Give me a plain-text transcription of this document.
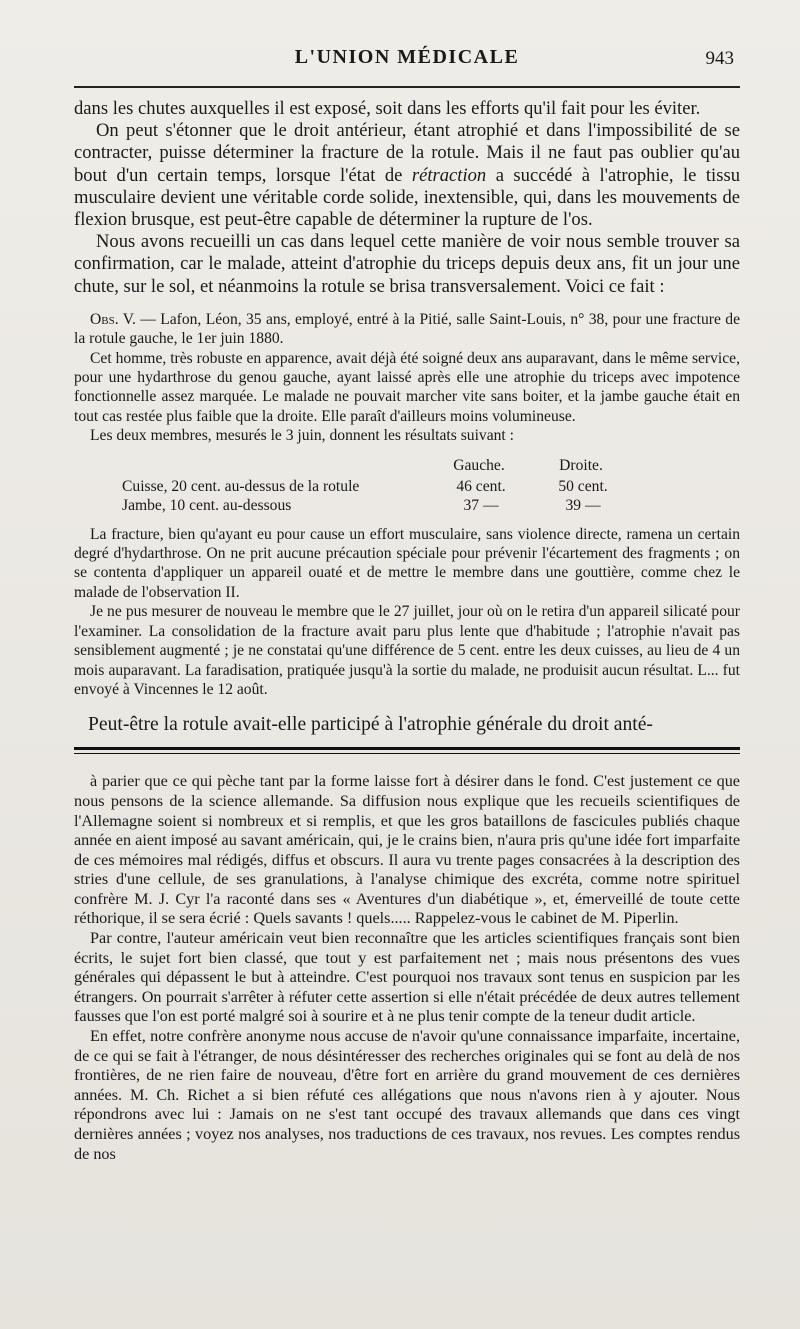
L'UNION MÉDICALE	943

dans les chutes auxquelles il est exposé, soit dans les efforts qu'il fait pour les éviter.

On peut s'étonner que le droit antérieur, étant atrophié et dans l'impossibilité de se contracter, puisse déterminer la fracture de la rotule. Mais il ne faut pas oublier qu'au bout d'un certain temps, lorsque l'état de rétraction a succédé à l'atrophie, le tissu musculaire devient une véritable corde solide, inextensible, qui, dans les mouvements de flexion brusque, est peut-être capable de déterminer la rupture de l'os.

Nous avons recueilli un cas dans lequel cette manière de voir nous semble trouver sa confirmation, car le malade, atteint d'atrophie du triceps depuis deux ans, fit un jour une chute, sur le sol, et néanmoins la rotule se brisa transversalement. Voici ce fait :

Obs. V. — Lafon, Léon, 35 ans, employé, entré à la Pitié, salle Saint-Louis, n° 38, pour une fracture de la rotule gauche, le 1er juin 1880.

Cet homme, très robuste en apparence, avait déjà été soigné deux ans auparavant, dans le même service, pour une hydarthrose du genou gauche, ayant laissé après elle une atrophie du triceps avec impotence fonctionnelle assez marquée. Le malade ne pouvait marcher vite sans boiter, et la jambe gauche était en tout cas restée plus faible que la droite. Elle paraît d'ailleurs moins volumineuse.

Les deux membres, mesurés le 3 juin, donnent les résultats suivant :

	Gauche.	Droite.
Cuisse, 20 cent. au-dessus de la rotule	46 cent.	50 cent.
Jambe, 10 cent. au-dessous	37 —	39 —

La fracture, bien qu'ayant eu pour cause un effort musculaire, sans violence directe, ramena un certain degré d'hydarthrose. On ne prit aucune précaution spéciale pour prévenir l'écartement des fragments ; on se contenta d'appliquer un appareil ouaté et de mettre le membre dans une gouttière, comme chez le malade de l'observation II.

Je ne pus mesurer de nouveau le membre que le 27 juillet, jour où on le retira d'un appareil silicaté pour l'examiner. La consolidation de la fracture avait paru plus lente que d'habitude ; l'atrophie n'avait pas sensiblement augmenté ; je ne constatai qu'une différence de 5 cent. entre les deux cuisses, au lieu de 4 un mois auparavant. La faradisation, pratiquée jusqu'à la sortie du malade, ne produisit aucun résultat. L... fut envoyé à Vincennes le 12 août.

Peut-être la rotule avait-elle participé à l'atrophie générale du droit anté-

à parier que ce qui pèche tant par la forme laisse fort à désirer dans le fond. C'est justement ce que nous pensons de la science allemande. Sa diffusion nous explique que les recueils scientifiques de l'Allemagne soient si nombreux et si remplis, et que les gros bataillons de fascicules publiés chaque année en aient imposé au savant américain, qui, je le crains bien, n'aura pris qu'une idée fort imparfaite de ces mémoires mal rédigés, diffus et obscurs. Il aura vu trente pages consacrées à la description des stries d'une cellule, de ses granulations, à l'analyse chimique des excréta, comme notre spirituel confrère M. J. Cyr l'a raconté dans ses « Aventures d'un diabétique », et, émerveillé de toute cette réthorique, il se sera écrié : Quels savants ! quels..... Rappelez-vous le cabinet de M. Piperlin.

Par contre, l'auteur américain veut bien reconnaître que les articles scientifiques français sont bien écrits, le sujet fort bien classé, que tout y est parfaitement net ; mais nous présentons des vues générales qui dépassent le but à atteindre. C'est pourquoi nos travaux sont tenus en suspicion par les étrangers. On pourrait s'arrêter à réfuter cette assertion si elle n'était précédée de deux autres tellement fausses que l'on est porté malgré soi à sourire et à ne plus tenir compte de la teneur dudit article.

En effet, notre confrère anonyme nous accuse de n'avoir qu'une connaissance imparfaite, incertaine, de ce qui se fait à l'étranger, de nous désintéresser des recherches originales qui se font au delà de nos frontières, de ne rien faire de nouveau, d'être fort en arrière du grand mouvement de ces dernières années. M. Ch. Richet a si bien réfuté ces allégations que nous n'avons rien à y ajouter. Nous répondrons avec lui : Jamais on ne s'est tant occupé des travaux allemands que dans ces vingt dernières années ; voyez nos analyses, nos traductions de ces travaux, nos revues. Les comptes rendus de nos
